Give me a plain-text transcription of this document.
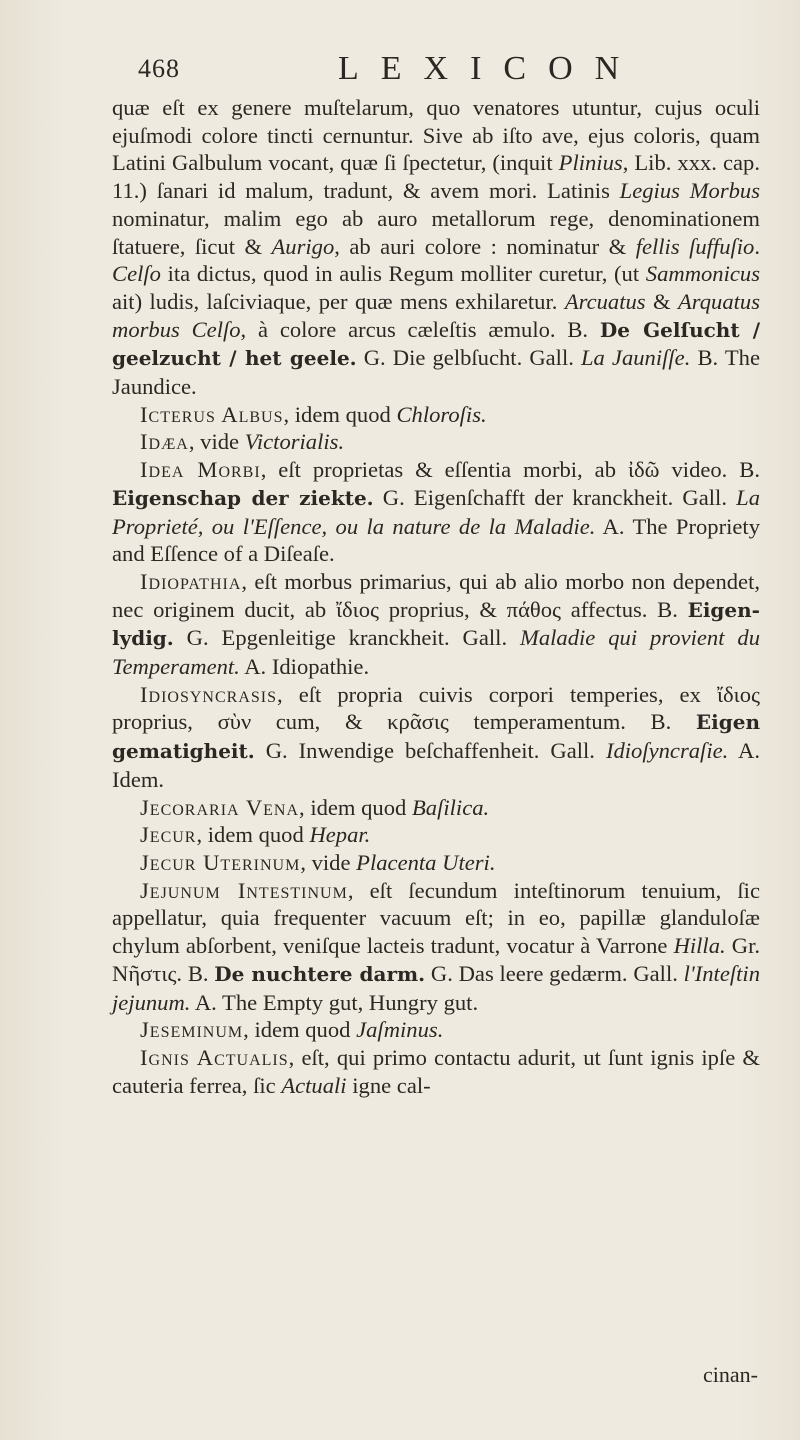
468	LEXICON

quæ eſt ex genere muſtelarum, quo venatores utuntur, cujus oculi ejuſmodi colore tincti cernuntur. Sive ab iſto ave, ejus coloris, quam Latini Galbulum vocant, quæ ſi ſpectetur, (inquit Plinius, Lib. xxx. cap. 11.) ſanari id malum, tradunt, & avem mori. Latinis Legius Morbus nominatur, malim ego ab auro metallorum rege, denominationem ſtatuere, ſicut & Aurigo, ab auri colore : nominatur & fellis ſuffuſio. Celſo ita dictus, quod in aulis Regum molliter curetur, (ut Sammonicus ait) ludis, laſciviaque, per quæ mens exhilaretur. Arcuatus & Arquatus morbus Celſo, à colore arcus cæleſtis æmulo. B. De Gelſucht / geelzucht / het geele. G. Die gelbſucht. Gall. La Jauniſſe. B. The Jaundice.

Icterus Albus, idem quod Chloroſis.

Idæa, vide Victorialis.

Idea Morbi, eſt proprietas & eſſentia morbi, ab ἰδῶ video. B. Eigenschap der ziekte. G. Eigenſchafft der kranckheit. Gall. La Proprieté, ou l'Eſſence, ou la nature de la Maladie. A. The Propriety and Eſſence of a Diſeaſe.

Idiopathia, eſt morbus primarius, qui ab alio morbo non dependet, nec originem ducit, ab ἴδιος proprius, & πάθος affectus. B. Eigen-lydig. G. Epgenleitige kranckheit. Gall. Maladie qui provient du Temperament. A. Idiopathie.

Idiosyncrasis, eſt propria cuivis corpori temperies, ex ἴδιος proprius, σὺν cum, & κρᾶσις temperamentum. B. Eigen gematigheit. G. Inwendige beſchaffenheit. Gall. Idioſyncraſie. A. Idem.

Jecoraria Vena, idem quod Baſilica.

Jecur, idem quod Hepar.

Jecur Uterinum, vide Placenta Uteri.

Jejunum Intestinum, eſt ſecundum inteſtinorum tenuium, ſic appellatur, quia frequenter vacuum eſt; in eo, papillæ glanduloſæ chylum abſorbent, veniſque lacteis tradunt, vocatur à Varrone Hilla. Gr. Νῆστις. B. De nuchtere darm. G. Das leere gedærm. Gall. l'Inteſtin jejunum. A. The Empty gut, Hungry gut.

Jeseminum, idem quod Jaſminus.

Ignis Actualis, eſt, qui primo contactu adurit, ut ſunt ignis ipſe & cauteria ferrea, ſic Actuali igne cal-

cinan-
